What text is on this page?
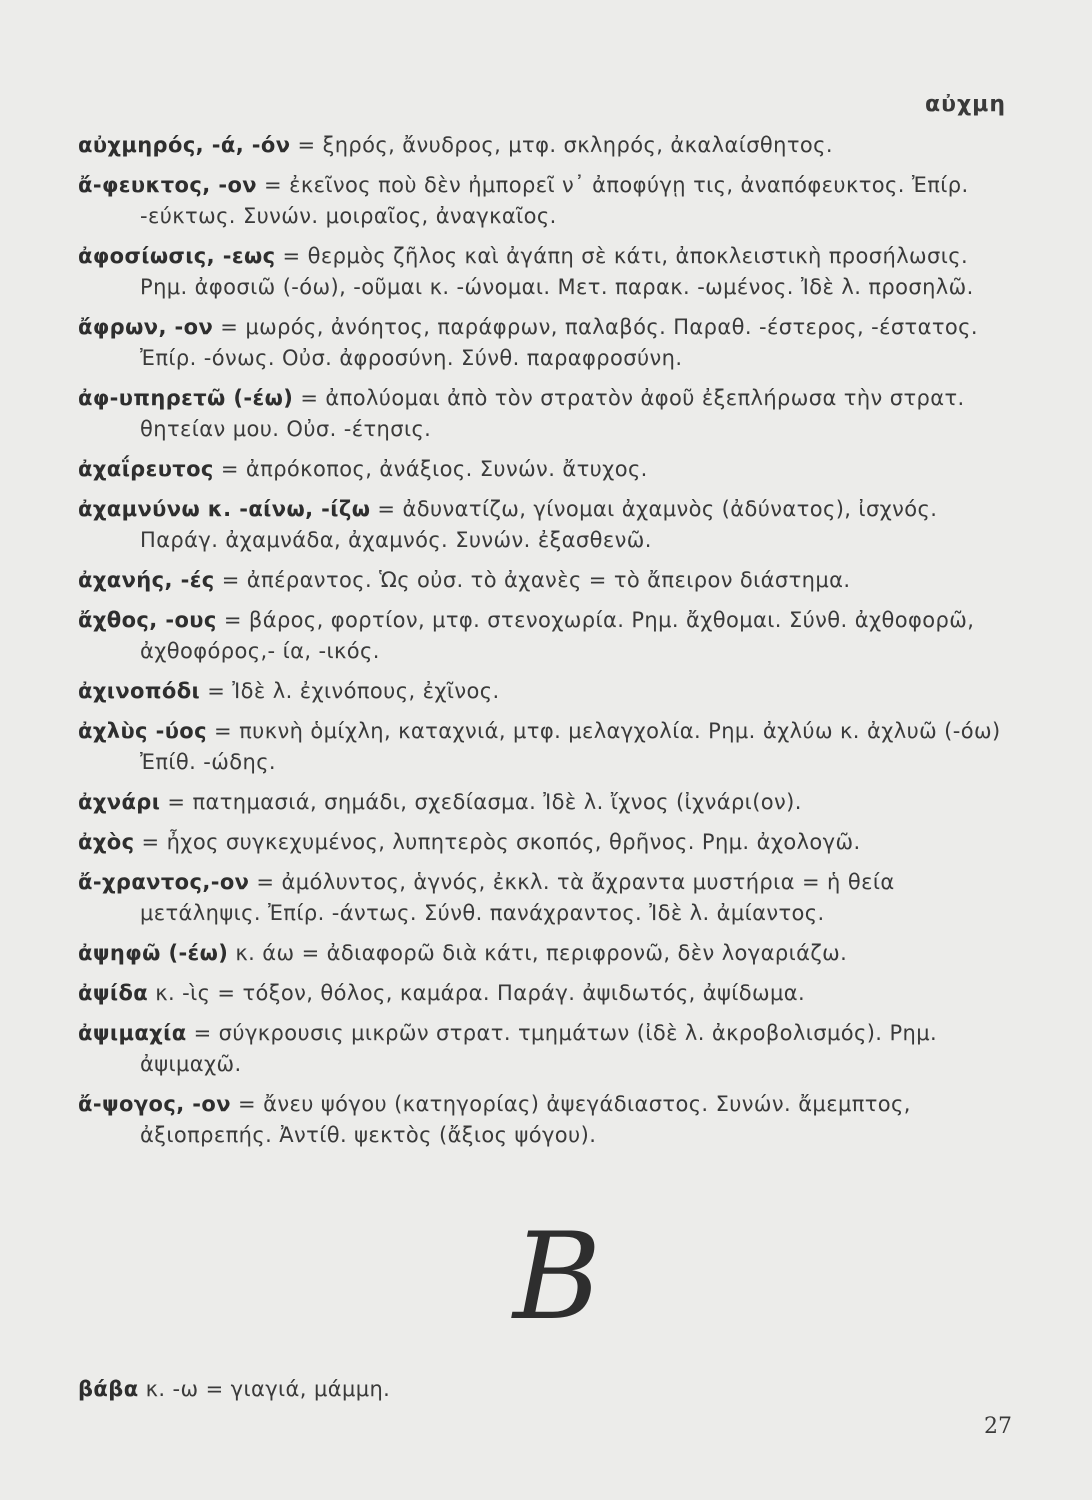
αὐχμη
αὐχμηρός, -ά, -όν = ξηρός, ἄνυδρος, μτφ. σκληρός, ἀκαλαίσθητος.
ἄ-φευκτος, -ον = ἐκεῖνος ποὺ δὲν ἠμπορεῖ ν᾽ ἀποφύγῃ τις, ἀναπόφευκτος. Ἐπίρ. -εύκτως. Συνών. μοιραῖος, ἀναγκαῖος.
ἀφοσίωσις, -εως = θερμὸς ζῆλος καὶ ἀγάπη σὲ κάτι, ἀποκλειστικὴ προσήλωσις. Ρημ. ἀφοσιῶ (-όω), -οῦμαι κ. -ώνομαι. Μετ. παρακ. -ωμένος. Ἰδὲ λ. προσηλῶ.
ἄφρων, -ον = μωρός, ἀνόητος, παράφρων, παλαβός. Παραθ. -έστερος, -έστατος. Ἐπίρ. -όνως. Οὐσ. ἀφροσύνη. Σύνθ. παραφροσύνη.
ἀφ-υπηρετῶ (-έω) = ἀπολύομαι ἀπὸ τὸν στρατὸν ἀφοῦ ἐξεπλήρωσα τὴν στρατ. θητείαν μου. Οὐσ. -έτησις.
ἀχαΐρευτος = ἀπρόκοπος, ἀνάξιος. Συνών. ἄτυχος.
ἀχαμνύνω κ. -αίνω, -ίζω = ἀδυνατίζω, γίνομαι ἀχαμνὸς (ἀδύνατος), ἰσχνός. Παράγ. ἀχαμνάδα, ἀχαμνός. Συνών. ἐξασθενῶ.
ἀχανής, -ές = ἀπέραντος. Ὡς οὐσ. τὸ ἀχανὲς = τὸ ἄπειρον διάστημα.
ἄχθος, -ους = βάρος, φορτίον, μτφ. στενοχωρία. Ρημ. ἄχθομαι. Σύνθ. ἀχθοφορῶ, ἀχθοφόρος,- ία, -ικός.
ἀχινοπόδι = Ἰδὲ λ. ἐχινόπους, ἐχῖνος.
ἀχλὺς -ύος = πυκνὴ ὁμίχλη, καταχνιά, μτφ. μελαγχολία. Ρημ. ἀχλύω κ. ἀχλυῶ (-όω) Ἐπίθ. -ώδης.
ἀχνάρι = πατημασιά, σημάδι, σχεδίασμα. Ἰδὲ λ. ἴχνος (ἰχνάρι(ον).
ἀχὸς = ἦχος συγκεχυμένος, λυπητερὸς σκοπός, θρῆνος. Ρημ. ἀχολογῶ.
ἄ-χραντος,-ον = ἀμόλυντος, ἁγνός, ἐκκλ. τὰ ἄχραντα μυστήρια = ἡ θεία μετάληψις. Ἐπίρ. -άντως. Σύνθ. πανάχραντος. Ἰδὲ λ. ἀμίαντος.
ἀψηφῶ (-έω) κ. άω = ἀδιαφορῶ διὰ κάτι, περιφρονῶ, δὲν λογαριάζω.
ἀψίδα κ. -ὶς = τόξον, θόλος, καμάρα. Παράγ. ἀψιδωτός, ἀψίδωμα.
ἀψιμαχία = σύγκρουσις μικρῶν στρατ. τμημάτων (ἰδὲ λ. ἀκροβολισμός). Ρημ. ἀψιμαχῶ.
ἄ-ψογος, -ον = ἄνευ ψόγου (κατηγορίας) ἀψεγάδιαστος. Συνών. ἄμεμπτος, ἀξιοπρεπής. Ἀντίθ. ψεκτὸς (ἄξιος ψόγου).
B
βάβα κ. -ω = γιαγιά, μάμμη.
27
